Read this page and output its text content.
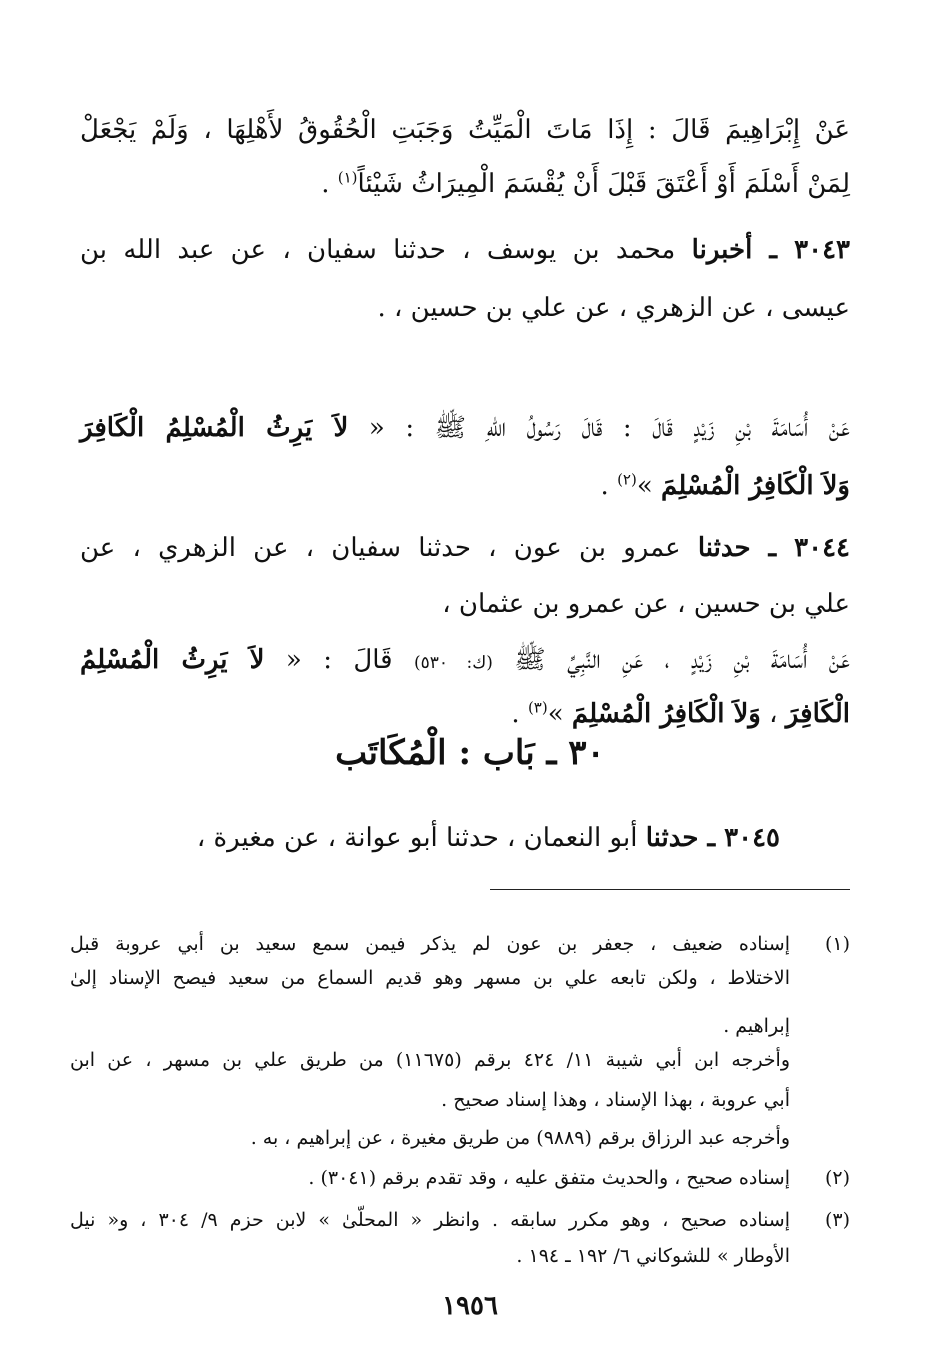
عَنْ إِبْرَاهِيمَ قَالَ : إِذَا مَاتَ الْمَيِّتُ وَجَبَتِ الْحُقُوقُ لأَهْلِهَا ، وَلَمْ يَجْعَلْ
لِمَنْ أَسْلَمَ أَوْ أَعْتَقَ قَبْلَ أَنْ يُقْسَمَ الْمِيرَاثُ شَيْئاً$^{(١)}$ .
٣٠٤٣ ـ أخبرنا محمد بن يوسف ، حدثنا سفيان ، عن عبد الله بن
عيسى ، عن الزهري ، عن علي بن حسين ، .
عَنْ أُسَامَةَ بْنِ زَيْدٍ قَالَ : قَالَ رَسُولُ اللهِ ﷺ : « لاَ يَرِثُ الْمُسْلِمُ الْكَافِرَ
وَلاَ الْكَافِرُ الْمُسْلِمَ »$^{(٢)}$ .
٣٠٤٤ ـ حدثنا عمرو بن عون ، حدثنا سفيان ، عن الزهري ، عن
علي بن حسين ، عن عمرو بن عثمان ،
عَنْ أُسَامَةَ بْنِ زَيْدٍ ، عَنِ النَّبِيِّ ﷺ (ك: ٥٣٠) قَالَ : « لاَ يَرِثُ الْمُسْلِمُ
الْكَافِرَ ، وَلاَ الْكَافِرُ الْمُسْلِمَ »$^{(٣)}$ .
٣٠ ـ بَاب : الْمُكَاتَب
٣٠٤٥ ـ حدثنا أبو النعمان ، حدثنا أبو عوانة ، عن مغيرة ،
(١)
إسناده ضعيف ، جعفر بن عون لم يذكر فيمن سمع سعيد بن أبي عروبة قبل
الاختلاط ، ولكن تابعه علي بن مسهر وهو قديم السماع من سعيد فيصح الإسناد إلىٰ
إبراهيم .
وأخرجه ابن أبي شيبة ١١/ ٤٢٤ برقم (١١٦٧٥) من طريق علي بن مسهر ، عن ابن
أبي عروبة ، بهذا الإسناد ، وهذا إسناد صحيح .
وأخرجه عبد الرزاق برقم (٩٨٨٩) من طريق مغيرة ، عن إبراهيم ، به .
(٢)
إسناده صحيح ، والحديث متفق عليه ، وقد تقدم برقم (٣٠٤١) .
(٣)
إسناده صحيح ، وهو مكرر سابقه . وانظر « المحلّىٰ » لابن حزم ٩/ ٣٠٤ ، و« نيل
الأوطار » للشوكاني ٦/ ١٩٢ ـ ١٩٤ .
١٩٥٦
